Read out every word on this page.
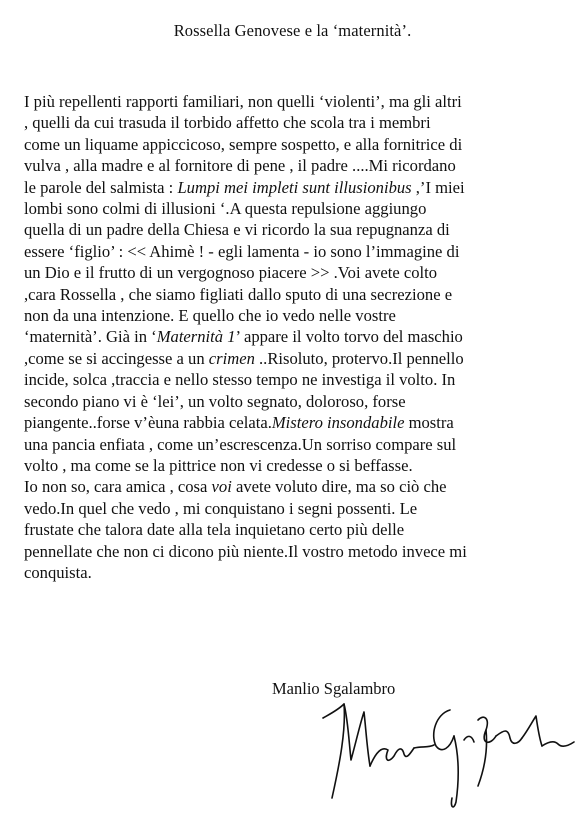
Rossella Genovese e la ‘maternità’.
I più repellenti rapporti familiari, non quelli ‘violenti’, ma gli altri
, quelli da cui trasuda il torbido affetto che scola tra i membri
come un liquame appiccicoso, sempre sospetto, e alla fornitrice di
vulva , alla madre e al fornitore di pene , il padre ....Mi ricordano
le parole del salmista : Lumpi mei impleti sunt illusionibus ,’I miei
lombi sono colmi di illusioni ‘.A questa repulsione aggiungo
quella di un padre della Chiesa e vi ricordo la sua repugnanza di
essere ‘figlio’ : << Ahimè ! - egli lamenta - io sono l’immagine di
un Dio e il frutto di un vergognoso piacere >> .Voi avete colto
,cara Rossella , che siamo figliati dallo sputo di una secrezione e
non da una intenzione. E quello che io vedo nelle vostre
‘maternità’. Già in ‘Maternità 1’ appare il volto torvo del maschio
,come se si accingesse a un crimen ..Risoluto, protervo.Il pennello
incide, solca ,traccia e nello stesso tempo ne investiga il volto. In
secondo piano vi è ‘lei’, un volto segnato, doloroso, forse
piangente..forse v’èuna rabbia celata.Mistero insondabile mostra
una pancia enfiata , come un’escrescenza.Un sorriso compare sul
volto , ma come se la pittrice non vi credesse o si beffasse.
Io non so, cara amica , cosa voi avete voluto dire, ma so ciò che
vedo.In quel che vedo , mi conquistano i segni possenti. Le
frustate che talora date alla tela inquietano certo più delle
pennellate che non ci dicono più niente.Il vostro metodo invece mi
conquista.
Manlio Sgalambro
